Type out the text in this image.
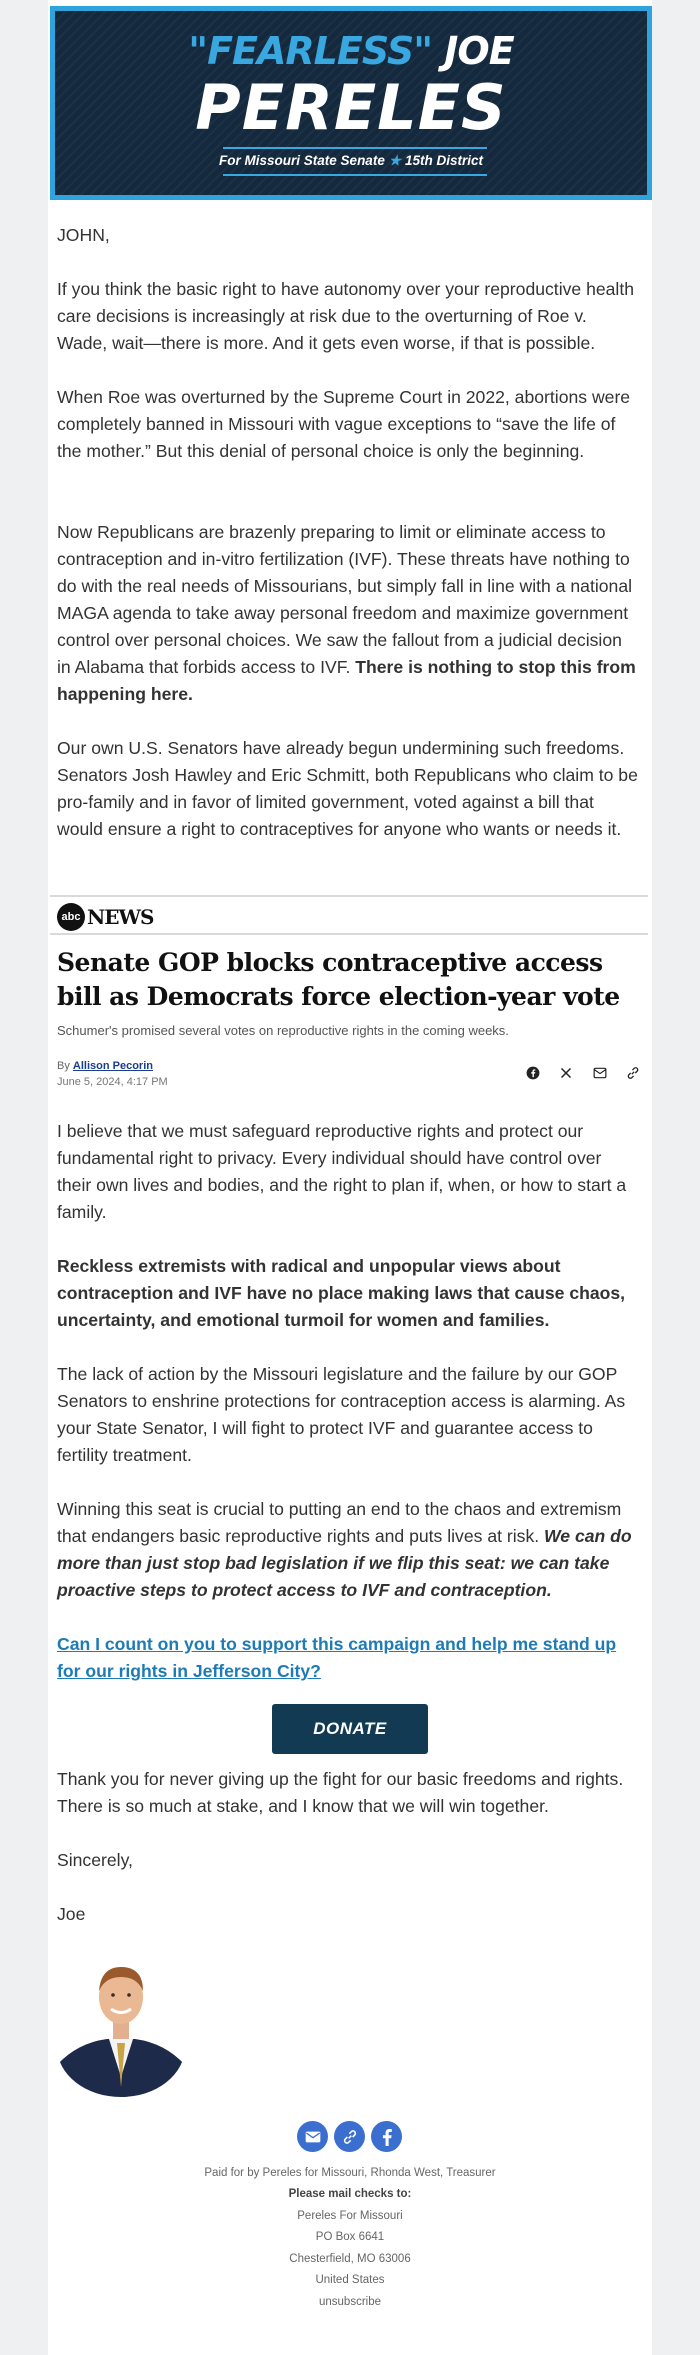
"FEARLESS" JOE
PERELES
For Missouri State Senate ★ 15th District
JOHN,
If you think the basic right to have autonomy over your reproductive health care decisions is increasingly at risk due to the overturning of Roe v. Wade, wait—there is more. And it gets even worse, if that is possible.
When Roe was overturned by the Supreme Court in 2022, abortions were completely banned in Missouri with vague exceptions to “save the life of the mother.” But this denial of personal choice is only the beginning.
Now Republicans are brazenly preparing to limit or eliminate access to contraception and in-vitro fertilization (IVF). These threats have nothing to do with the real needs of Missourians, but simply fall in line with a national MAGA agenda to take away personal freedom and maximize government control over personal choices. We saw the fallout from a judicial decision in Alabama that forbids access to IVF. There is nothing to stop this from happening here.
Our own U.S. Senators have already begun undermining such freedoms. Senators Josh Hawley and Eric Schmitt, both Republicans who claim to be pro-family and in favor of limited government, voted against a bill that would ensure a right to contraceptives for anyone who wants or needs it.
abc NEWS
Senate GOP blocks contraceptive access bill as Democrats force election-year vote
Schumer's promised several votes on reproductive rights in the coming weeks.
By Allison Pecorin
June 5, 2024, 4:17 PM
I believe that we must safeguard reproductive rights and protect our fundamental right to privacy. Every individual should have control over their own lives and bodies, and the right to plan if, when, or how to start a family.
Reckless extremists with radical and unpopular views about contraception and IVF have no place making laws that cause chaos, uncertainty, and emotional turmoil for women and families.
The lack of action by the Missouri legislature and the failure by our GOP Senators to enshrine protections for contraception access is alarming. As your State Senator, I will fight to protect IVF and guarantee access to fertility treatment.
Winning this seat is crucial to putting an end to the chaos and extremism that endangers basic reproductive rights and puts lives at risk. We can do more than just stop bad legislation if we flip this seat: we can take proactive steps to protect access to IVF and contraception.
Can I count on you to support this campaign and help me stand up for our rights in Jefferson City?
DONATE
Thank you for never giving up the fight for our basic freedoms and rights. There is so much at stake, and I know that we will win together.
Sincerely,
Joe
Paid for by Pereles for Missouri, Rhonda West, Treasurer
Please mail checks to:
Pereles For Missouri
PO Box 6641
Chesterfield, MO 63006
United States
unsubscribe
